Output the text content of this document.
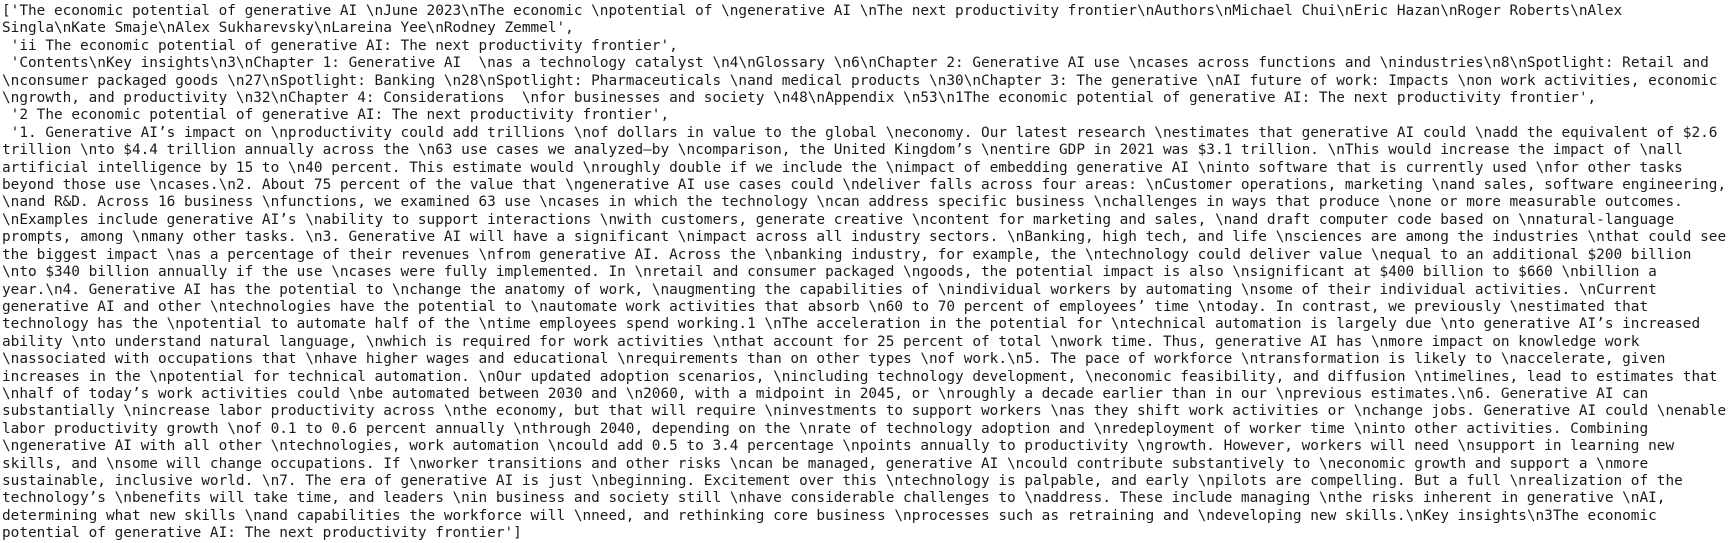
['The economic potential of generative AI \nJune 2023\nThe economic \npotential of \ngenerative AI \nThe next productivity frontier\nAuthors\nMichael Chui\nEric Hazan\nRoger Roberts\nAlex Singla\nKate Smaje\nAlex Sukharevsky\nLareina Yee\nRodney Zemmel',
'ii The economic potential of generative AI: The next productivity frontier',
'Contents\nKey insights\n3\nChapter 1: Generative AI  \nas a technology catalyst \n4\nGlossary \n6\nChapter 2: Generative AI use \ncases across functions and \nindustries\n8\nSpotlight: Retail and \nconsumer packaged goods \n27\nSpotlight: Banking \n28\nSpotlight: Pharmaceuticals \nand medical products \n30\nChapter 3: The generative \nAI future of work: Impacts \non work activities, economic \ngrowth, and productivity \n32\nChapter 4: Considerations  \nfor businesses and society \n48\nAppendix \n53\n1The economic potential of generative AI: The next productivity frontier',
'2 The economic potential of generative AI: The next productivity frontier',
'1. Generative AI’s impact on \nproductivity could add trillions \nof dollars in value to the global \neconomy. Our latest research \nestimates that generative AI could \nadd the equivalent of $2.6 trillion \nto $4.4 trillion annually across the \n63 use cases we analyzed—by \ncomparison, the United Kingdom’s \nentire GDP in 2021 was $3.1 trillion. \nThis would increase the impact of \nall artificial intelligence by 15 to \n40 percent. This estimate would \nroughly double if we include the \nimpact of embedding generative AI \ninto software that is currently used \nfor other tasks beyond those use \ncases.\n2. About 75 percent of the value that \ngenerative AI use cases could \ndeliver falls across four areas: \nCustomer operations, marketing \nand sales, software engineering, \nand R&D. Across 16 business \nfunctions, we examined 63 use \ncases in which the technology \ncan address specific business \nchallenges in ways that produce \none or more measurable outcomes. \nExamples include generative AI’s \nability to support interactions \nwith customers, generate creative \ncontent for marketing and sales, \nand draft computer code based on \nnatural-language prompts, among \nmany other tasks. \n3. Generative AI will have a significant \nimpact across all industry sectors. \nBanking, high tech, and life \nsciences are among the industries \nthat could see the biggest impact \nas a percentage of their revenues \nfrom generative AI. Across the \nbanking industry, for example, the \ntechnology could deliver value \nequal to an additional $200 billion \nto $340 billion annually if the use \ncases were fully implemented. In \nretail and consumer packaged \ngoods, the potential impact is also \nsignificant at $400 billion to $660 \nbillion a year.\n4. Generative AI has the potential to \nchange the anatomy of work, \naugmenting the capabilities of \nindividual workers by automating \nsome of their individual activities. \nCurrent generative AI and other \ntechnologies have the potential to \nautomate work activities that absorb \n60 to 70 percent of employees’ time \ntoday. In contrast, we previously \nestimated that technology has the \npotential to automate half of the \ntime employees spend working.1 \nThe acceleration in the potential for \ntechnical automation is largely due \nto generative AI’s increased ability \nto understand natural language, \nwhich is required for work activities \nthat account for 25 percent of total \nwork time. Thus, generative AI has \nmore impact on knowledge work \nassociated with occupations that \nhave higher wages and educational \nrequirements than on other types \nof work.\n5. The pace of workforce \ntransformation is likely to \naccelerate, given increases in the \npotential for technical automation. \nOur updated adoption scenarios, \nincluding technology development, \neconomic feasibility, and diffusion \ntimelines, lead to estimates that \nhalf of today’s work activities could \nbe automated between 2030 and \n2060, with a midpoint in 2045, or \nroughly a decade earlier than in our \nprevious estimates.\n6. Generative AI can substantially \nincrease labor productivity across \nthe economy, but that will require \ninvestments to support workers \nas they shift work activities or \nchange jobs. Generative AI could \nenable labor productivity growth \nof 0.1 to 0.6 percent annually \nthrough 2040, depending on the \nrate of technology adoption and \nredeployment of worker time \ninto other activities. Combining \ngenerative AI with all other \ntechnologies, work automation \ncould add 0.5 to 3.4 percentage \npoints annually to productivity \ngrowth. However, workers will need \nsupport in learning new skills, and \nsome will change occupations. If \nworker transitions and other risks \ncan be managed, generative AI \ncould contribute substantively to \neconomic growth and support a \nmore sustainable, inclusive world. \n7. The era of generative AI is just \nbeginning. Excitement over this \ntechnology is palpable, and early \npilots are compelling. But a full \nrealization of the technology’s \nbenefits will take time, and leaders \nin business and society still \nhave considerable challenges to \naddress. These include managing \nthe risks inherent in generative \nAI, determining what new skills \nand capabilities the workforce will \nneed, and rethinking core business \nprocesses such as retraining and \ndeveloping new skills.\nKey insights\n3The economic potential of generative AI: The next productivity frontier']
